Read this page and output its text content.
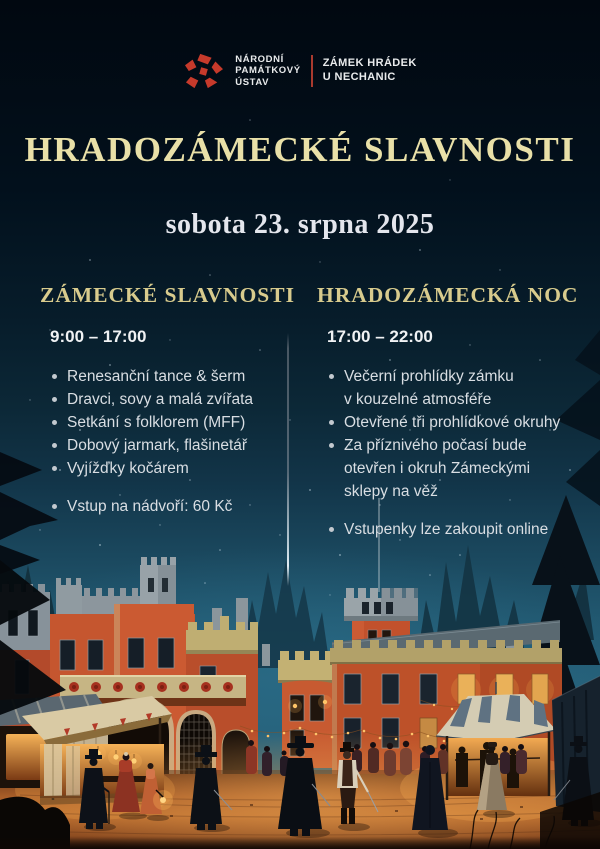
NÁRODNÍ
PAMÁTKOVÝ
ÚSTAV
ZÁMEK HRÁDEK
U NECHANIC
HRADOZÁMECKÉ SLAVNOSTI
sobota 23. srpna 2025
ZÁMECKÉ SLAVNOSTI
9:00 – 17:00
Renesanční tance & šerm
Dravci, sovy a malá zvířata
Setkání s folklorem (MFF)
Dobový jarmark, flašinetář
Vyjížďky kočárem
Vstup na nádvoří: 60 Kč
HRADOZÁMECKÁ NOC
17:00 – 22:00
Večerní prohlídky zámku v kouzelné atmosféře
Otevřené tři prohlídkové okruhy
Za příznivého počasí bude otevřen i okruh Zámeckými sklepy na věž
Vstupenky lze zakoupit online
